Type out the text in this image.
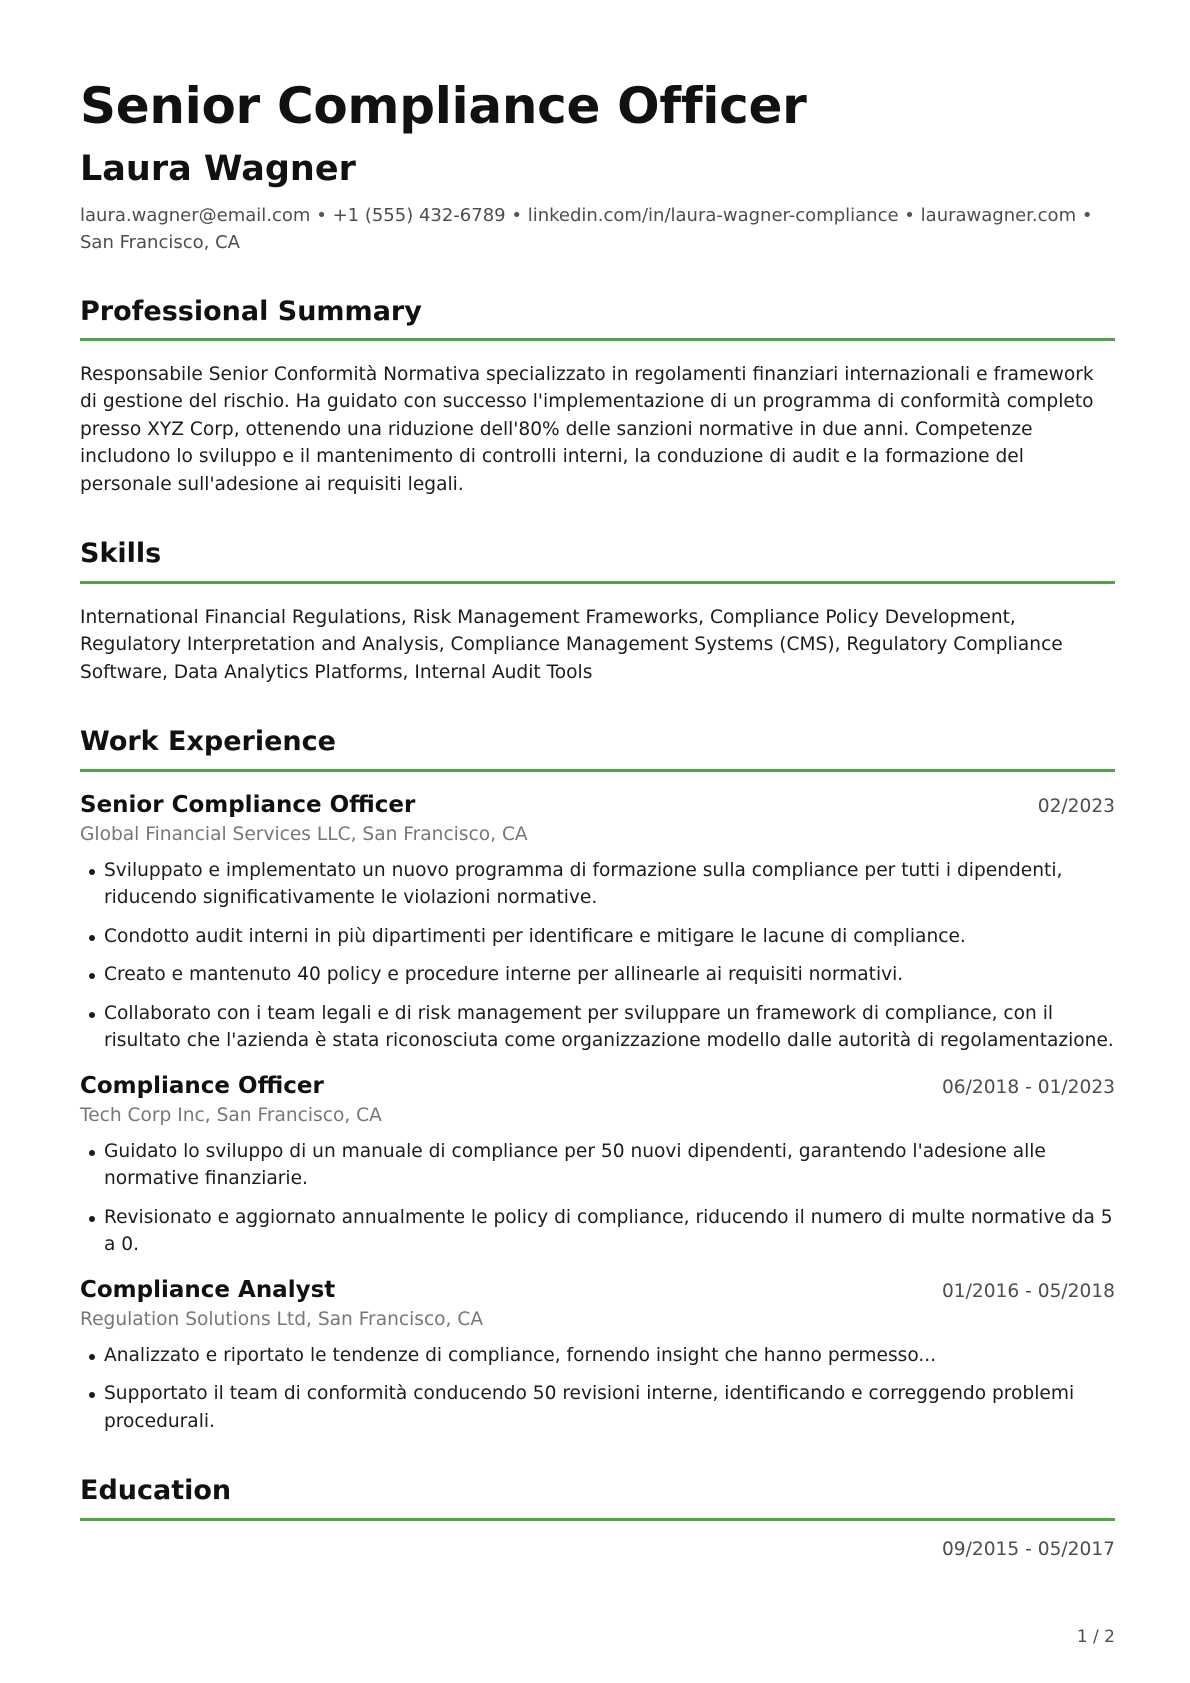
Senior Compliance Officer
Laura Wagner
laura.wagner@email.com • +1 (555) 432-6789 • linkedin.com/in/laura-wagner-compliance • laurawagner.com •
San Francisco, CA
Professional Summary

Responsabile Senior Conformità Normativa specializzato in regolamenti finanziari internazionali e framework di gestione del rischio. Ha guidato con successo l'implementazione di un programma di conformità completo presso XYZ Corp, ottenendo una riduzione dell'80% delle sanzioni normative in due anni. Competenze includono lo sviluppo e il mantenimento di controlli interni, la conduzione di audit e la formazione del personale sull'adesione ai requisiti legali.

Skills

International Financial Regulations, Risk Management Frameworks, Compliance Policy Development, Regulatory Interpretation and Analysis, Compliance Management Systems (CMS), Regulatory Compliance Software, Data Analytics Platforms, Internal Audit Tools

Work Experience
Senior Compliance Officer	02/2023
Global Financial Services LLC, San Francisco, CA
Sviluppato e implementato un nuovo programma di formazione sulla compliance per tutti i dipendenti, riducendo significativamente le violazioni normative.
Condotto audit interni in più dipartimenti per identificare e mitigare le lacune di compliance.
Creato e mantenuto 40 policy e procedure interne per allinearle ai requisiti normativi.
Collaborato con i team legali e di risk management per sviluppare un framework di compliance, con il risultato che l'azienda è stata riconosciuta come organizzazione modello dalle autorità di regolamentazione.
Compliance Officer	06/2018 - 01/2023
Tech Corp Inc, San Francisco, CA
Guidato lo sviluppo di un manuale di compliance per 50 nuovi dipendenti, garantendo l'adesione alle normative finanziarie.
Revisionato e aggiornato annualmente le policy di compliance, riducendo il numero di multe normative da 5 a 0.
Compliance Analyst	01/2016 - 05/2018
Regulation Solutions Ltd, San Francisco, CA
Analizzato e riportato le tendenze di compliance, fornendo insight che hanno permesso...
Supportato il team di conformità conducendo 50 revisioni interne, identificando e correggendo problemi procedurali.
Education
09/2015 - 05/2017
1 / 2
